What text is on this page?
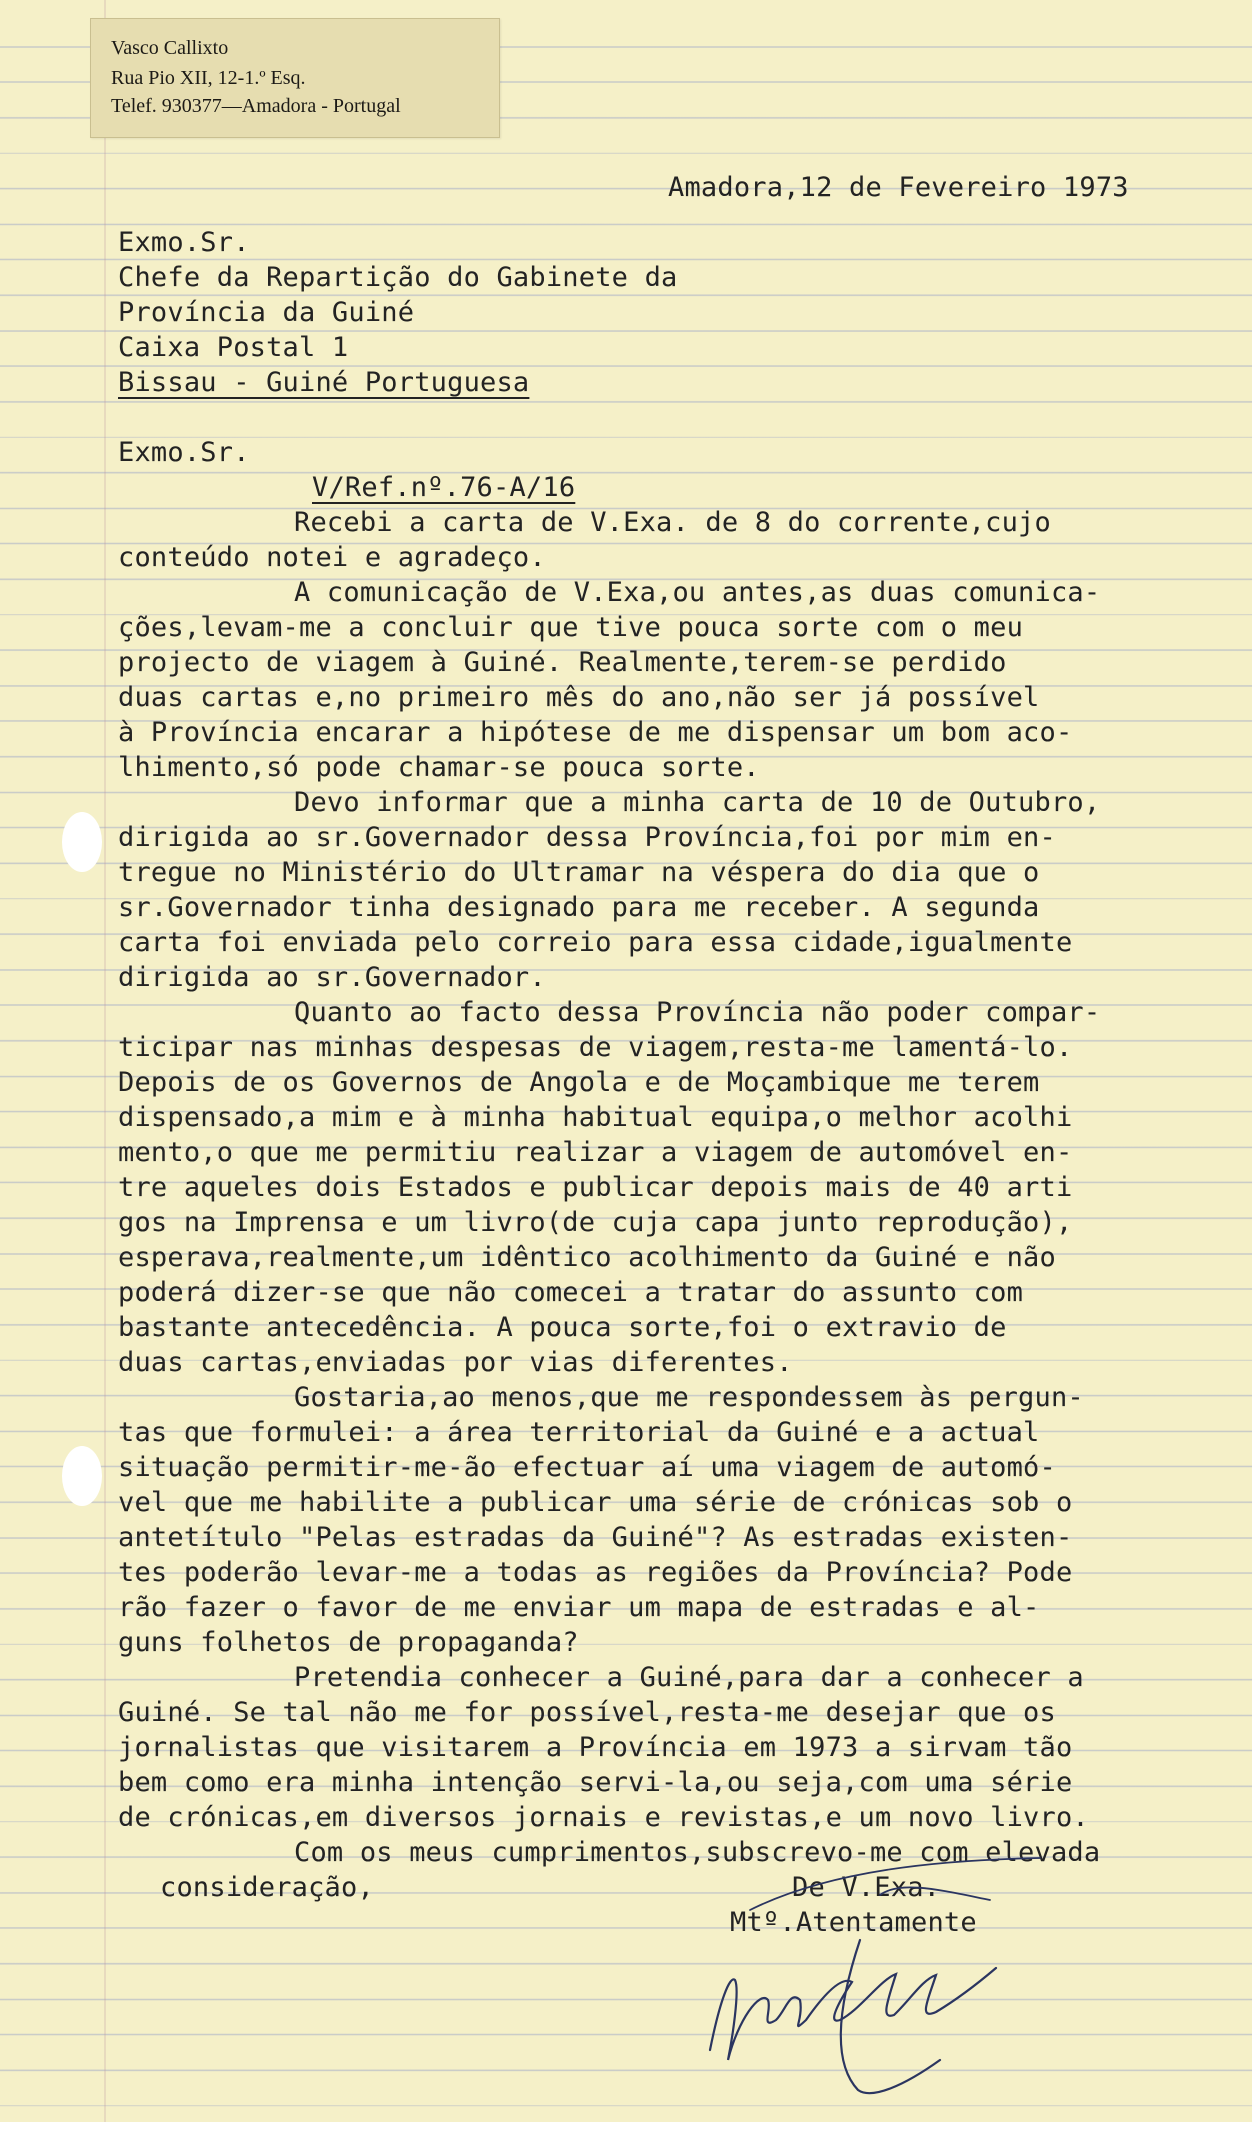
Vasco Callixto
Rua Pio XII, 12-1.º Esq.
Telef. 930377—Amadora - Portugal
Amadora,12 de Fevereiro 1973
Exmo.Sr.
Chefe da Repartição do Gabinete da
Província da Guiné
Caixa Postal 1
Bissau - Guiné Portuguesa
Exmo.Sr.
V/Ref.nº.76-A/16
Recebi a carta de V.Exa. de 8 do corrente,cujo
conteúdo notei e agradeço.
A comunicação de V.Exa,ou antes,as duas comunica-
ções,levam-me a concluir que tive pouca sorte com o meu
projecto de viagem à Guiné. Realmente,terem-se perdido
duas cartas e,no primeiro mês do ano,não ser já possível
à Província encarar a hipótese de me dispensar um bom aco-
lhimento,só pode chamar-se pouca sorte.
Devo informar que a minha carta de 10 de Outubro,
dirigida ao sr.Governador dessa Província,foi por mim en-
tregue no Ministério do Ultramar na véspera do dia que o
sr.Governador tinha designado para me receber. A segunda
carta foi enviada pelo correio para essa cidade,igualmente
dirigida ao sr.Governador.
Quanto ao facto dessa Província não poder compar-
ticipar nas minhas despesas de viagem,resta-me lamentá-lo.
Depois de os Governos de Angola e de Moçambique me terem
dispensado,a mim e à minha habitual equipa,o melhor acolhi
mento,o que me permitiu realizar a viagem de automóvel en-
tre aqueles dois Estados e publicar depois mais de 40 arti
gos na Imprensa e um livro(de cuja capa junto reprodução),
esperava,realmente,um idêntico acolhimento da Guiné e não
poderá dizer-se que não comecei a tratar do assunto com
bastante antecedência. A pouca sorte,foi o extravio de
duas cartas,enviadas por vias diferentes.
Gostaria,ao menos,que me respondessem às pergun-
tas que formulei: a área territorial da Guiné e a actual
situação permitir-me-ão efectuar aí uma viagem de automó-
vel que me habilite a publicar uma série de crónicas sob o
antetítulo "Pelas estradas da Guiné"? As estradas existen-
tes poderão levar-me a todas as regiões da Província? Pode
rão fazer o favor de me enviar um mapa de estradas e al-
guns folhetos de propaganda?
Pretendia conhecer a Guiné,para dar a conhecer a
Guiné. Se tal não me for possível,resta-me desejar que os
jornalistas que visitarem a Província em 1973 a sirvam tão
bem como era minha intenção servi-la,ou seja,com uma série
de crónicas,em diversos jornais e revistas,e um novo livro.
Com os meus cumprimentos,subscrevo-me com elevada
consideração,	De V.Exa.
Mtº.Atentamente
